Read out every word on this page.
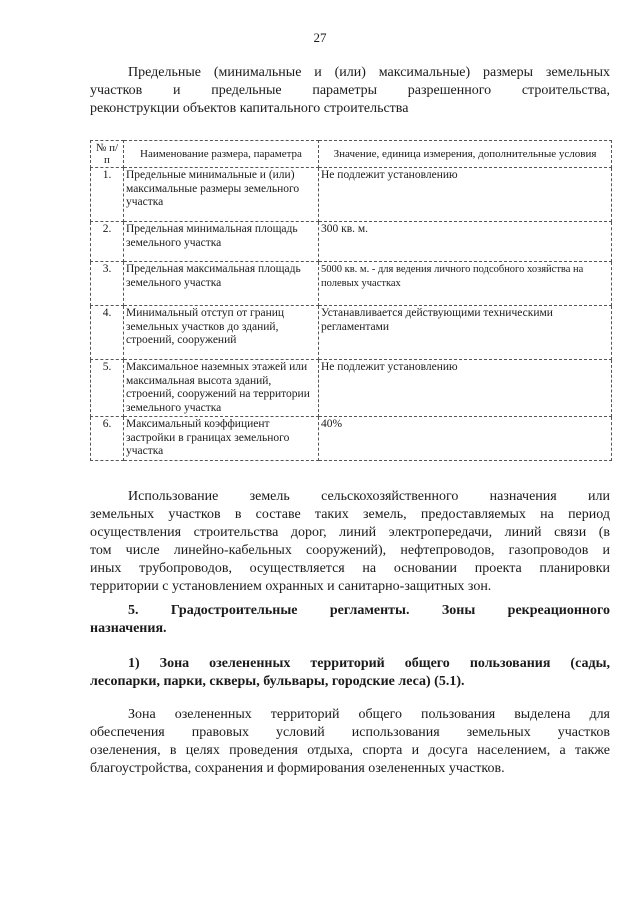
27
Предельные (минимальные и (или) максимальные) размеры земельных
участков и предельные параметры разрешенного строительства,
реконструкции объектов капитального строительства
№ п/п	Наименование размера, параметра	Значение, единица измерения, дополнительные условия
1.	Предельные минимальные и (или) максимальные размеры земельного участка	Не подлежит установлению
2.	Предельная минимальная площадь земельного участка	300 кв. м.
3.	Предельная максимальная площадь земельного участка	5000 кв. м. - для ведения личного подсобного хозяйства на полевых участках
4.	Минимальный отступ от границ земельных участков до зданий, строений, сооружений	Устанавливается действующими техническими регламентами
5.	Максимальное наземных этажей или максимальная высота зданий, строений, сооружений на территории земельного участка	Не подлежит установлению
6.	Максимальный коэффициент застройки в границах земельного участка	40%
Использование земель сельскохозяйственного назначения или
земельных участков в составе таких земель, предоставляемых на период
осуществления строительства дорог, линий электропередачи, линий связи (в
том числе линейно-кабельных сооружений), нефтепроводов, газопроводов и
иных трубопроводов, осуществляется на основании проекта планировки
территории с установлением охранных и санитарно-защитных зон.
5. Градостроительные регламенты. Зоны рекреационного
назначения.
1) Зона озелененных территорий общего пользования (сады,
лесопарки, парки, скверы, бульвары, городские леса) (5.1).
Зона озелененных территорий общего пользования выделена для
обеспечения правовых условий использования земельных участков
озеленения, в целях проведения отдыха, спорта и досуга населением, а также
благоустройства, сохранения и формирования озелененных участков.
